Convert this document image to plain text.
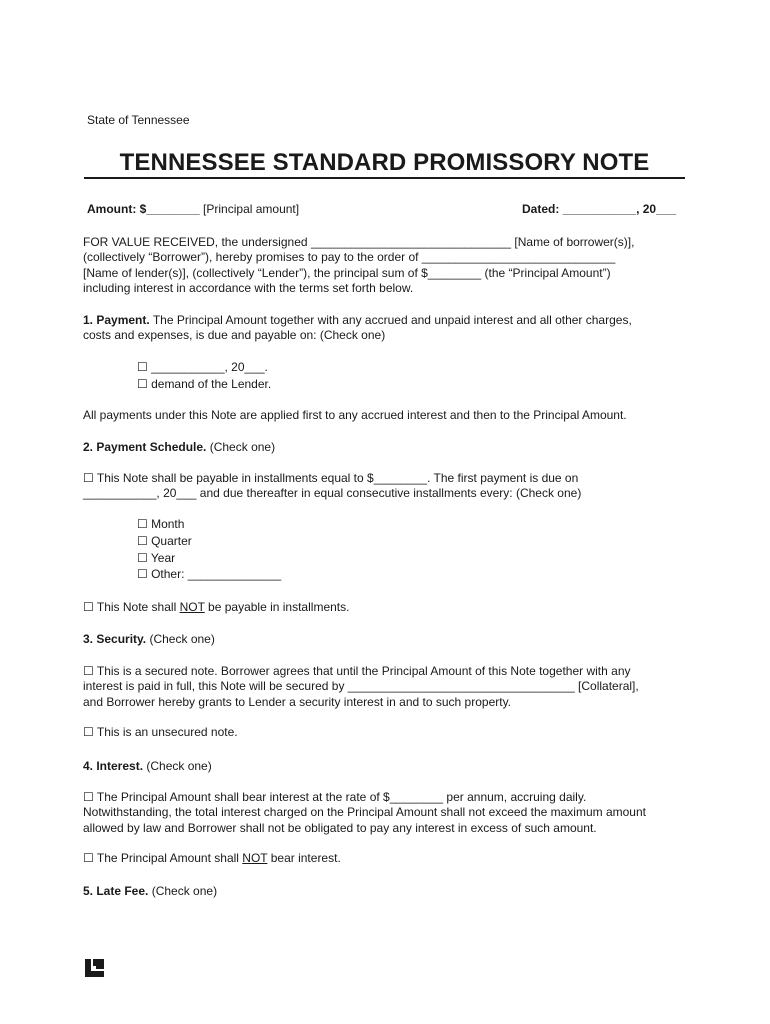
State of Tennessee
TENNESSEE STANDARD PROMISSORY NOTE
Amount: $________ [Principal amount]	Dated: ___________, 20___
FOR VALUE RECEIVED, the undersigned ______________________________ [Name of borrower(s)],
(collectively “Borrower”), hereby promises to pay to the order of _____________________________
[Name of lender(s)], (collectively “Lender”), the principal sum of $________ (the “Principal Amount”)
including interest in accordance with the terms set forth below.
1. Payment. The Principal Amount together with any accrued and unpaid interest and all other charges,
costs and expenses, is due and payable on: (Check one)
☐ ___________, 20___.
☐ demand of the Lender.
All payments under this Note are applied first to any accrued interest and then to the Principal Amount.
2. Payment Schedule. (Check one)
☐ This Note shall be payable in installments equal to $________. The first payment is due on
___________, 20___ and due thereafter in equal consecutive installments every: (Check one)
☐ Month
☐ Quarter
☐ Year
☐ Other: ______________
☐ This Note shall NOT be payable in installments.
3. Security. (Check one)
☐ This is a secured note. Borrower agrees that until the Principal Amount of this Note together with any
interest is paid in full, this Note will be secured by __________________________________ [Collateral],
and Borrower hereby grants to Lender a security interest in and to such property.
☐ This is an unsecured note.
4. Interest. (Check one)
☐ The Principal Amount shall bear interest at the rate of $________ per annum, accruing daily.
Notwithstanding, the total interest charged on the Principal Amount shall not exceed the maximum amount
allowed by law and Borrower shall not be obligated to pay any interest in excess of such amount.
☐ The Principal Amount shall NOT bear interest.
5. Late Fee. (Check one)
